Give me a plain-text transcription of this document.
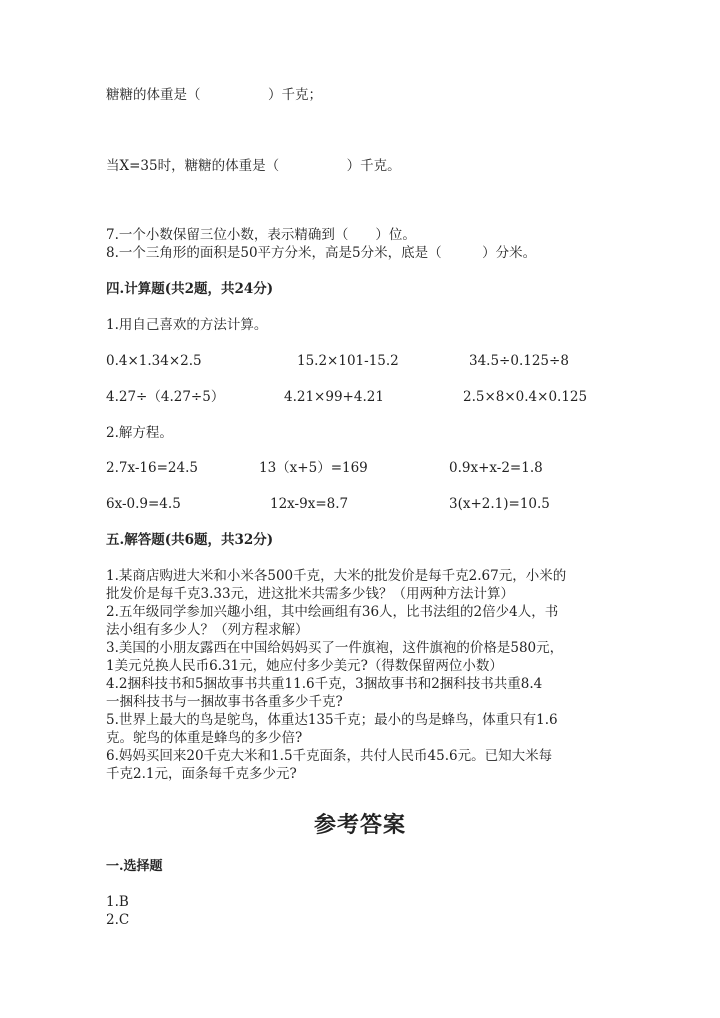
糖糖的体重是（　　　　　）千克；
当X=35时，糖糖的体重是（　　　　　）千克。
7.一个小数保留三位小数，表示精确到（　　）位。
8.一个三角形的面积是50平方分米，高是5分米，底是（　　　）分米。
四.计算题(共2题，共24分)
1.用自己喜欢的方法计算。
0.4×1.34×2.5	15.2×101-15.2	34.5÷0.125÷8
4.27÷（4.27÷5）	4.21×99+4.21	2.5×8×0.4×0.125
2.解方程。
2.7x-16=24.5	13（x+5）=169	0.9x+x-2=1.8
6x-0.9=4.5	12x-9x=8.7	3(x+2.1)=10.5
五.解答题(共6题，共32分)
1.某商店购进大米和小米各500千克，大米的批发价是每千克2.67元，小米的
批发价是每千克3.33元，进这批米共需多少钱？（用两种方法计算）
2.五年级同学参加兴趣小组，其中绘画组有36人，比书法组的2倍少4人，书
法小组有多少人？（列方程求解）
3.美国的小朋友露西在中国给妈妈买了一件旗袍，这件旗袍的价格是580元，
1美元兑换人民币6.31元，她应付多少美元?（得数保留两位小数）
4.2捆科技书和5捆故事书共重11.6千克，3捆故事书和2捆科技书共重8.4
一捆科技书与一捆故事书各重多少千克?
5.世界上最大的鸟是鸵鸟，体重达135千克；最小的鸟是蜂鸟，体重只有1.6
克。鸵鸟的体重是蜂鸟的多少倍?
6.妈妈买回来20千克大米和1.5千克面条，共付人民币45.6元。已知大米每
千克2.1元，面条每千克多少元?
参考答案
一.选择题
1.B
2.C
